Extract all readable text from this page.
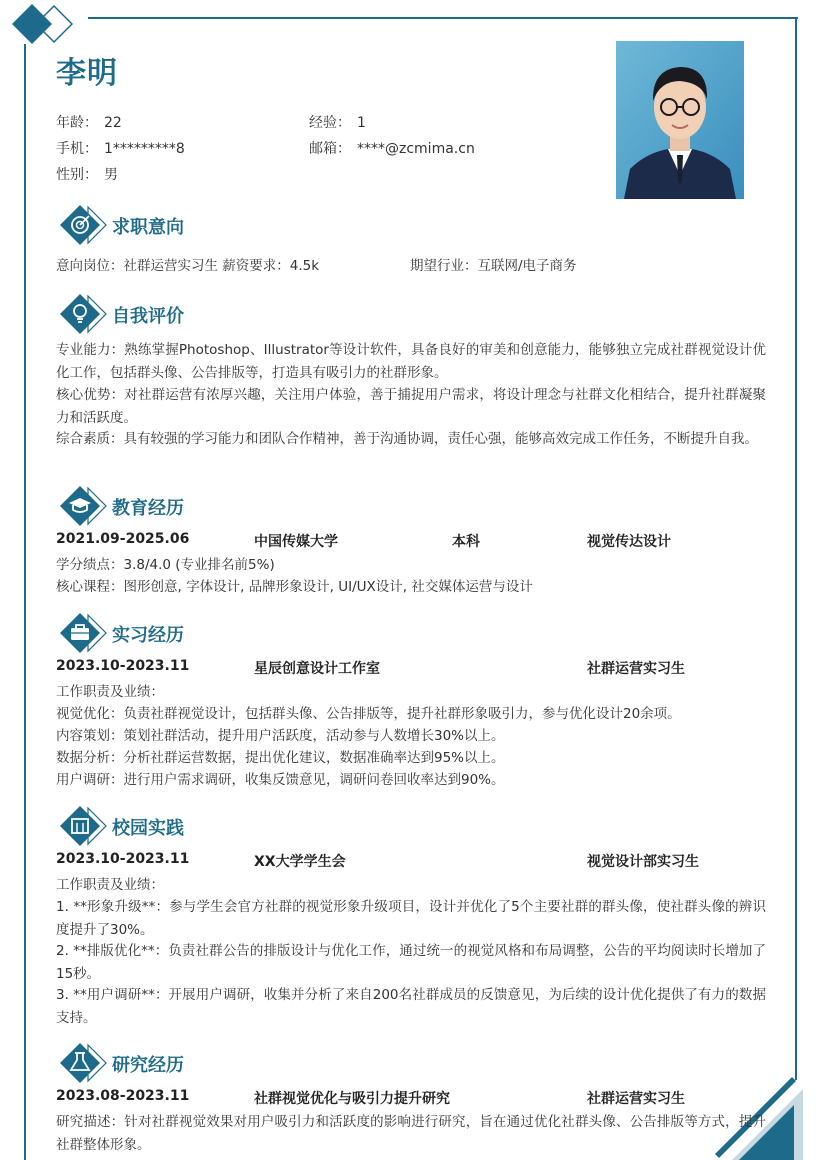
李明
年龄： 22	经验： 1
手机： 1*********8	邮箱： ****@zcmima.cn
性别： 男
求职意向
意向岗位：社群运营实习生 薪资要求：4.5k	期望行业：互联网/电子商务
自我评价
专业能力：熟练掌握Photoshop、Illustrator等设计软件，具备良好的审美和创意能力，能够独立完成社群视觉设计优化工作，包括群头像、公告排版等，打造具有吸引力的社群形象。
核心优势：对社群运营有浓厚兴趣，关注用户体验，善于捕捉用户需求，将设计理念与社群文化相结合，提升社群凝聚力和活跃度。
综合素质：具有较强的学习能力和团队合作精神，善于沟通协调，责任心强，能够高效完成工作任务，不断提升自我。
教育经历
2021.09-2025.06	中国传媒大学	本科	视觉传达设计
学分绩点：3.8/4.0 (专业排名前5%)
核心课程：图形创意, 字体设计, 品牌形象设计, UI/UX设计, 社交媒体运营与设计
实习经历
2023.10-2023.11	星辰创意设计工作室	社群运营实习生
工作职责及业绩：
视觉优化：负责社群视觉设计，包括群头像、公告排版等，提升社群形象吸引力，参与优化设计20余项。
内容策划：策划社群活动，提升用户活跃度，活动参与人数增长30%以上。
数据分析：分析社群运营数据，提出优化建议，数据准确率达到95%以上。
用户调研：进行用户需求调研，收集反馈意见，调研问卷回收率达到90%。
校园实践
2023.10-2023.11	XX大学学生会	视觉设计部实习生
工作职责及业绩：
1. **形象升级**：参与学生会官方社群的视觉形象升级项目，设计并优化了5个主要社群的群头像，使社群头像的辨识度提升了30%。
2. **排版优化**：负责社群公告的排版设计与优化工作，通过统一的视觉风格和布局调整，公告的平均阅读时长增加了15秒。
3. **用户调研**：开展用户调研，收集并分析了来自200名社群成员的反馈意见，为后续的设计优化提供了有力的数据支持。
研究经历
2023.08-2023.11	社群视觉优化与吸引力提升研究	社群运营实习生
研究描述：针对社群视觉效果对用户吸引力和活跃度的影响进行研究，旨在通过优化社群头像、公告排版等方式，提升社群整体形象。
